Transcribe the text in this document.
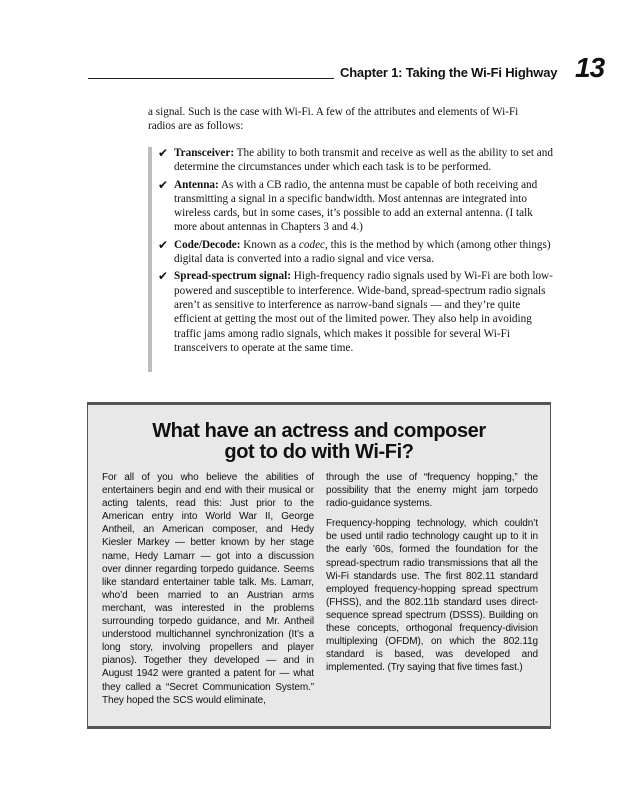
Chapter 1: Taking the Wi-Fi Highway 13

a signal. Such is the case with Wi-Fi. A few of the attributes and elements of Wi-Fi radios are as follows:

✔ Transceiver: The ability to both transmit and receive as well as the ability to set and determine the circumstances under which each task is to be performed.
✔ Antenna: As with a CB radio, the antenna must be capable of both receiving and transmitting a signal in a specific bandwidth. Most antennas are integrated into wireless cards, but in some cases, it’s possible to add an external antenna. (I talk more about antennas in Chapters 3 and 4.)
✔ Code/Decode: Known as a codec, this is the method by which (among other things) digital data is converted into a radio signal and vice versa.
✔ Spread-spectrum signal: High-frequency radio signals used by Wi-Fi are both low-powered and susceptible to interference. Wide-band, spread-spectrum radio signals aren’t as sensitive to interference as narrow-band signals — and they’re quite efficient at getting the most out of the limited power. They also help in avoiding traffic jams among radio signals, which makes it possible for several Wi-Fi transceivers to operate at the same time.
What have an actress and composer
got to do with Wi-Fi?

For all of you who believe the abilities of entertainers begin and end with their musical or acting talents, read this: Just prior to the American entry into World War II, George Antheil, an American composer, and Hedy Kiesler Markey — better known by her stage name, Hedy Lamarr — got into a discussion over dinner regarding torpedo guidance. Seems like standard entertainer table talk. Ms. Lamarr, who’d been married to an Austrian arms merchant, was interested in the problems surrounding torpedo guidance, and Mr. Antheil understood multichannel synchronization (It’s a long story, involving propellers and player pianos). Together they developed — and in August 1942 were granted a patent for — what they called a “Secret Communication System.” They hoped the SCS would eliminate,

through the use of “frequency hopping,” the possibility that the enemy might jam torpedo radio-guidance systems.

Frequency-hopping technology, which couldn’t be used until radio technology caught up to it in the early ’60s, formed the foundation for the spread-spectrum radio transmissions that all the Wi-Fi standards use. The first 802.11 standard employed frequency-hopping spread spectrum (FHSS), and the 802.11b standard uses direct-sequence spread spectrum (DSSS). Building on these concepts, orthogonal frequency-division multiplexing (OFDM), on which the 802.11g standard is based, was developed and implemented. (Try saying that five times fast.)
